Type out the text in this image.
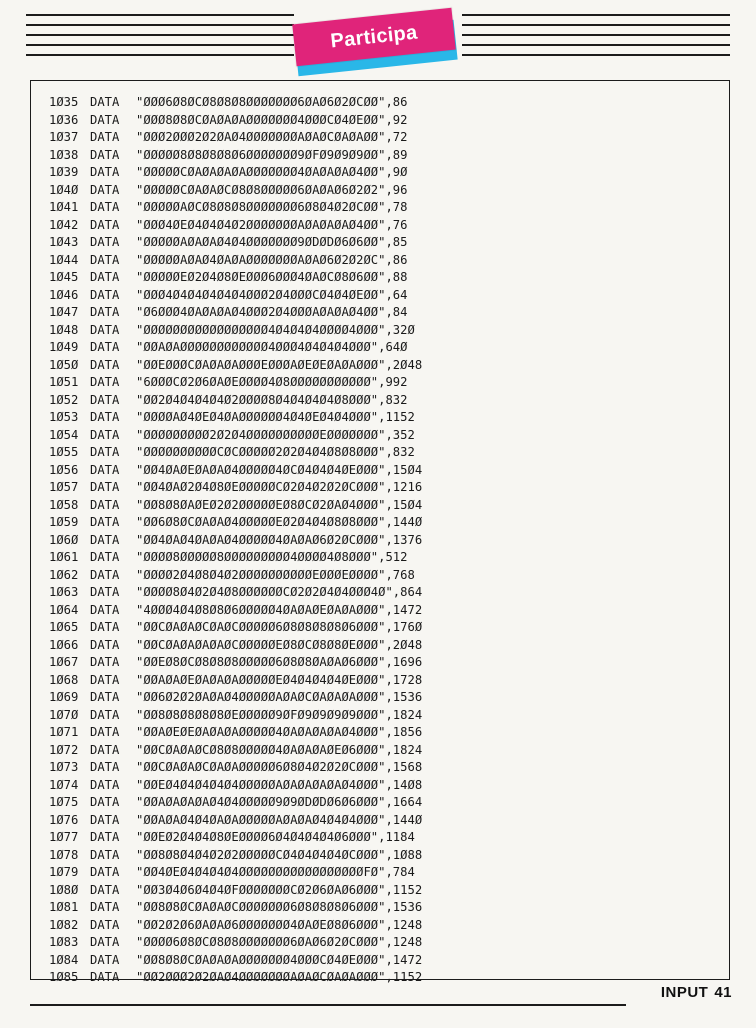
Participa
1Ø35 DATA "ØØØ6Ø8ØCØ8Ø8Ø8ØØØØØØØ6ØAØ6Ø2ØCØØ",86
1Ø36 DATA "ØØØ8Ø8ØCØAØAØAØØØØØØØ4ØØØCØ4ØEØØ",92
1Ø37 DATA "ØØØ2ØØØ2Ø2ØAØ4ØØØØØØØAØAØCØAØAØØ",72
1Ø38 DATA "ØØØØØ8Ø8Ø8Ø8Ø6ØØØØØØØ9ØFØ9Ø9Ø9ØØ",89
1Ø39 DATA "ØØØØØCØAØAØAØAØØØØØØØ4ØAØAØAØ4ØØ",9Ø
1Ø4Ø DATA "ØØØØØCØAØAØCØ8Ø8ØØØØØ6ØAØAØ6Ø2Ø2",96
1Ø41 DATA "ØØØØØAØCØ8Ø8Ø8ØØØØØØØ6Ø8Ø4Ø2ØCØØ",78
1Ø42 DATA "ØØØ4ØEØ4Ø4Ø4Ø2ØØØØØØØAØAØAØAØ4ØØ",76
1Ø43 DATA "ØØØØØAØAØAØ4Ø4ØØØØØØØ9ØDØDØ6Ø6ØØ",85
1Ø44 DATA "ØØØØØAØAØ4ØAØAØØØØØØØAØAØ6Ø2Ø2ØC",86
1Ø45 DATA "ØØØØØEØ2Ø4Ø8ØEØØØ6ØØØ4ØAØCØ8Ø6ØØ",88
1Ø46 DATA "ØØØ4Ø4Ø4Ø4Ø4Ø4ØØØ2Ø4ØØØCØ4Ø4ØEØØ",64
1Ø47 DATA "Ø6ØØØ4ØAØAØAØ4ØØØ2Ø4ØØØAØAØAØ4ØØ",84
1Ø48 DATA "ØØØØØØØØØØØØØØØØØ4Ø4Ø4Ø4ØØØØ4ØØØ",32Ø
1Ø49 DATA "ØØAØAØØØØØØØØØØØØ4ØØØ4Ø4Ø4Ø4ØØØ",64Ø
1Ø5Ø DATA "ØØEØØØCØAØAØAØØØEØØØAØEØEØAØAØØØ",2Ø48
1Ø51 DATA "6ØØØCØ2Ø6ØAØEØØØØ4Ø8ØØØØØØØØØØØ",992
1Ø52 DATA "ØØ2Ø4Ø4Ø4Ø4Ø2ØØØØ8Ø4Ø4Ø4Ø4Ø8ØØØ",832
1Ø53 DATA "ØØØØAØ4ØEØ4ØAØØØØØØ4Ø4ØEØ4Ø4ØØØ",1152
1Ø54 DATA "ØØØØØØØØØ2Ø2Ø4ØØØØØØØØØØEØØØØØØØ",352
1Ø55 DATA "ØØØØØØØØØØCØCØØØØØ2Ø2Ø4Ø4Ø8Ø8ØØØ",832
1Ø56 DATA "ØØ4ØAØEØAØAØ4ØØØØØ4ØCØ4Ø4Ø4ØEØØØ",15Ø4
1Ø57 DATA "ØØ4ØAØ2Ø4Ø8ØEØØØØØCØ2Ø4Ø2Ø2ØCØØØ",1216
1Ø58 DATA "ØØ8Ø8ØAØEØ2Ø2ØØØØØEØ8ØCØ2ØAØ4ØØØ",15Ø4
1Ø59 DATA "ØØ6Ø8ØCØAØAØ4ØØØØØEØ2Ø4Ø4Ø8Ø8ØØØ",144Ø
1Ø6Ø DATA "ØØ4ØAØ4ØAØAØ4ØØØØØ4ØAØAØ6Ø2ØCØØØ",1376
1Ø61 DATA "ØØØØ8ØØØØØ8ØØØØØØØØØ4ØØØØ4Ø8ØØØ",512
1Ø62 DATA "ØØØØ2Ø4Ø8Ø4Ø2ØØØØØØØØØØEØØØEØØØØ",768
1Ø63 DATA "ØØØØ8Ø4Ø2Ø4Ø8ØØØØØØCØ2Ø2Ø4Ø4ØØØ4Ø",864
1Ø64 DATA "4ØØØ4Ø4Ø8Ø8Ø6ØØØØØ4ØAØAØEØAØAØØØ",1472
1Ø65 DATA "ØØCØAØAØCØAØCØØØØØ6Ø8Ø8Ø8Ø8Ø6ØØØ",176Ø
1Ø66 DATA "ØØCØAØAØAØAØCØØØØØEØ8ØCØ8Ø8ØEØØØ",2Ø48
1Ø67 DATA "ØØEØ8ØCØ8Ø8Ø8ØØØØØ6Ø8Ø8ØAØAØ6ØØØ",1696
1Ø68 DATA "ØØAØAØEØAØAØAØØØØØEØ4Ø4Ø4Ø4ØEØØØ",1728
1Ø69 DATA "ØØ6Ø2Ø2ØAØAØ4ØØØØØAØAØCØAØAØAØØØ",1536
1Ø7Ø DATA "ØØ8Ø8Ø8Ø8Ø8ØEØØØØØ9ØFØ9Ø9Ø9Ø9ØØØ",1824
1Ø71 DATA "ØØAØEØEØAØAØAØØØØØ4ØAØAØAØAØ4ØØØ",1856
1Ø72 DATA "ØØCØAØAØCØ8Ø8ØØØØØ4ØAØAØAØEØ6ØØØ",1824
1Ø73 DATA "ØØCØAØAØCØAØAØØØØØ6Ø8Ø4Ø2Ø2ØCØØØ",1568
1Ø74 DATA "ØØEØ4Ø4Ø4Ø4Ø4ØØØØØAØAØAØAØAØ4ØØØ",14Ø8
1Ø75 DATA "ØØAØAØAØAØ4Ø4ØØØØØ9Ø9ØDØDØ6Ø6ØØØ",1664
1Ø76 DATA "ØØAØAØ4Ø4ØAØAØØØØØAØAØAØ4Ø4Ø4ØØØ",144Ø
1Ø77 DATA "ØØEØ2Ø4Ø4Ø8ØEØØØØ6Ø4Ø4Ø4Ø4Ø6ØØØ",1184
1Ø78 DATA "ØØ8Ø8Ø4Ø4Ø2Ø2ØØØØØCØ4Ø4Ø4Ø4ØCØØØ",1Ø88
1Ø79 DATA "ØØ4ØEØ4Ø4Ø4Ø4ØØØØØØØØØØØØØØØØØFØ",784
1Ø8Ø DATA "ØØ3Ø4Ø6Ø4Ø4ØFØØØØØØØCØ2Ø6ØAØ6ØØØ",1152
1Ø81 DATA "ØØ8Ø8ØCØAØAØCØØØØØØØ6Ø8Ø8Ø8Ø6ØØØ",1536
1Ø82 DATA "ØØ2Ø2Ø6ØAØAØ6ØØØØØØØ4ØAØEØ8Ø6ØØØ",1248
1Ø83 DATA "ØØØØ6Ø8ØCØ8Ø8ØØØØØØØ6ØAØ6Ø2ØCØØØ",1248
1Ø84 DATA "ØØ8Ø8ØCØAØAØAØØØØØØØ4ØØØCØ4ØEØØØ",1472
1Ø85 DATA "ØØ2ØØØ2Ø2ØAØ4ØØØØØØØAØAØCØAØAØØØ",1152
INPUT 41
